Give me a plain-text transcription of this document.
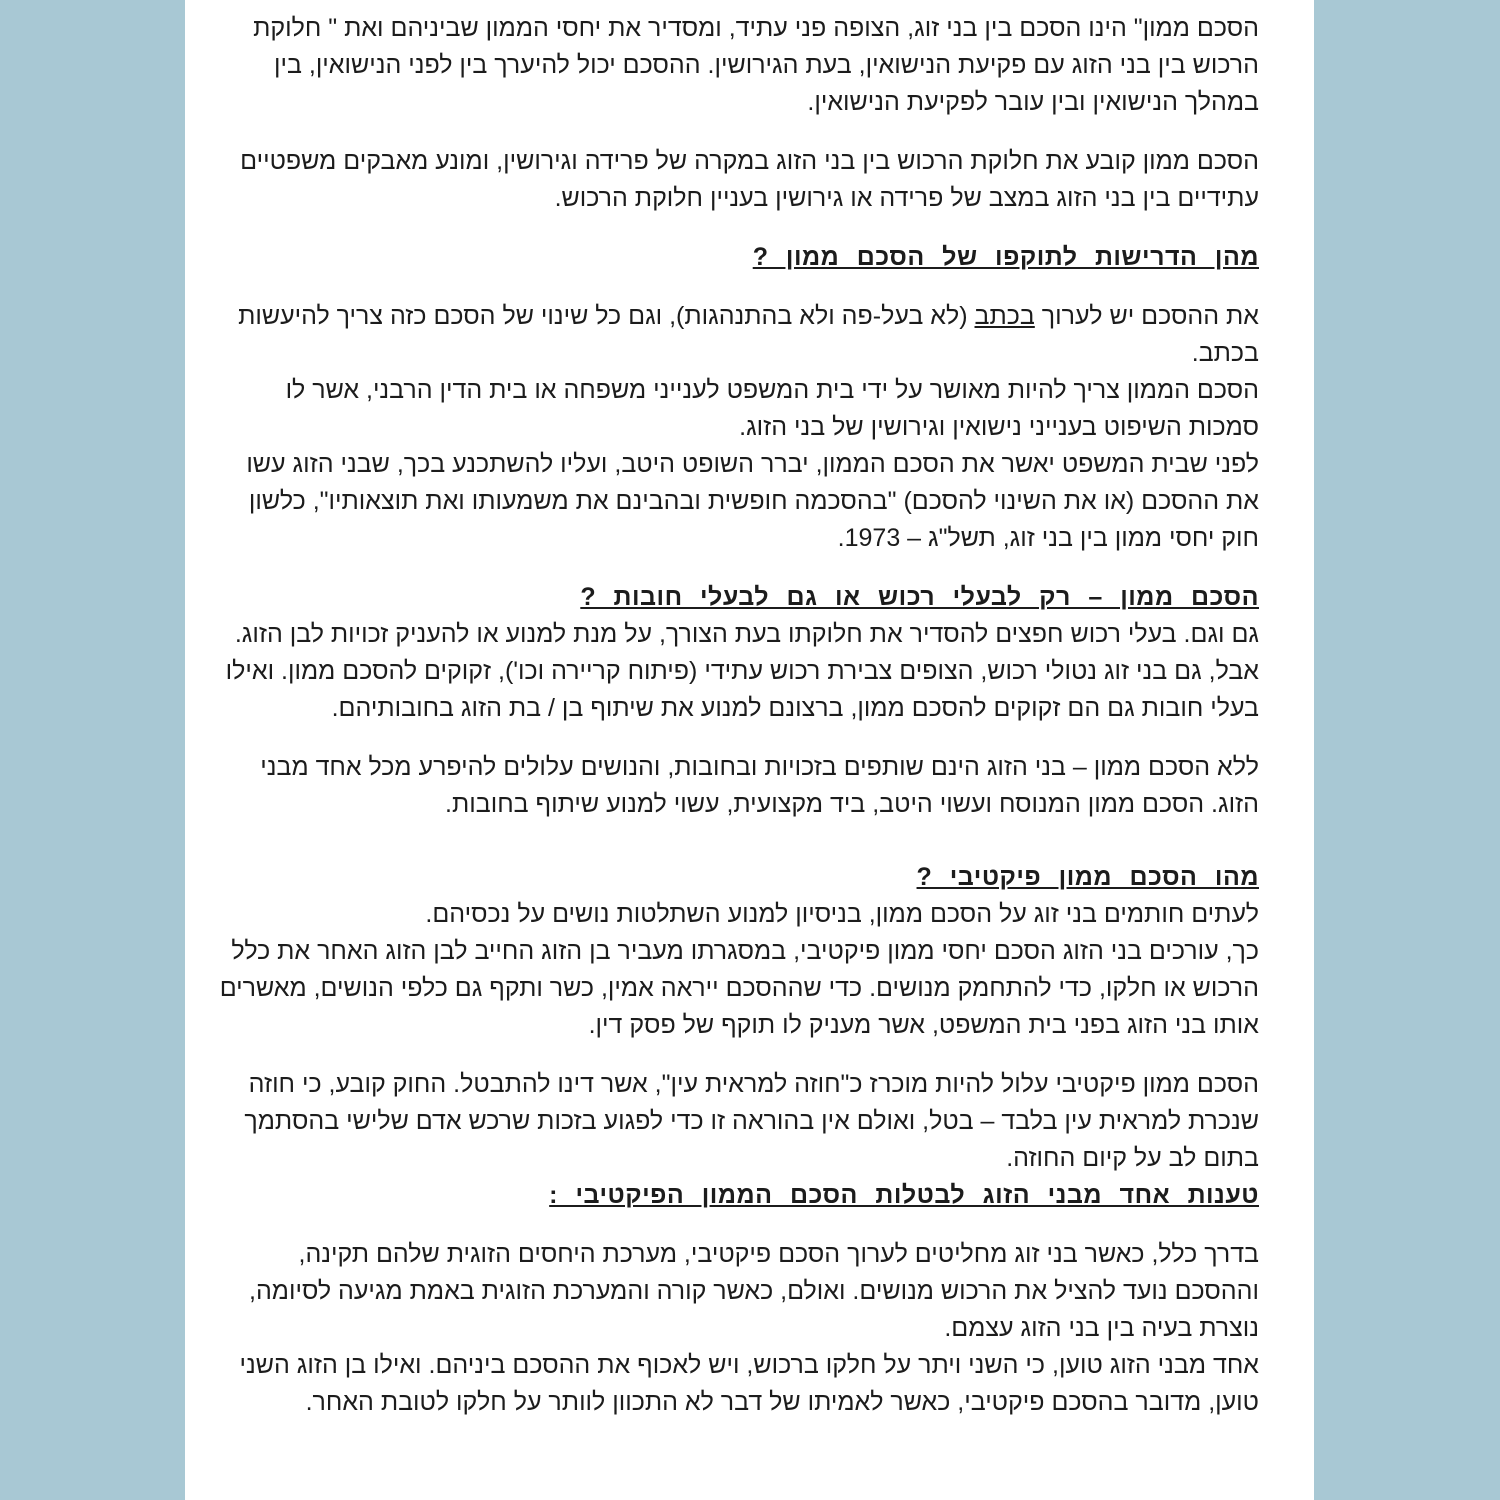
הסכם ממון" הינו הסכם בין בני זוג, הצופה פני עתיד, ומסדיר את יחסי הממון שביניהם ואת " חלוקת הרכוש בין בני הזוג עם פקיעת הנישואין, בעת הגירושין. ההסכם יכול להיערך בין לפני הנישואין, בין במהלך הנישואין ובין עובר לפקיעת הנישואין.

הסכם ממון קובע את חלוקת הרכוש בין בני הזוג במקרה של פרידה וגירושין, ומונע מאבקים משפטיים עתידיים בין בני הזוג במצב של פרידה או גירושין בעניין חלוקת הרכוש.

מהן הדרישות לתוקפו של הסכם ממון ?

את ההסכם יש לערוך בכתב (לא בעל-פה ולא בהתנהגות), וגם כל שינוי של הסכם כזה צריך להיעשות בכתב.

הסכם הממון צריך להיות מאושר על ידי בית המשפט לענייני משפחה או בית הדין הרבני, אשר לו סמכות השיפוט בענייני נישואין וגירושין של בני הזוג.

לפני שבית המשפט יאשר את הסכם הממון, יברר השופט היטב, ועליו להשתכנע בכך, שבני הזוג עשו את ההסכם (או את השינוי להסכם) "בהסכמה חופשית ובהבינם את משמעותו ואת תוצאותיו", כלשון חוק יחסי ממון בין בני זוג, תשל"ג – 1973.

הסכם ממון – רק לבעלי רכוש או גם לבעלי חובות ?

גם וגם. בעלי רכוש חפצים להסדיר את חלוקתו בעת הצורך, על מנת למנוע או להעניק זכויות לבן הזוג. אבל, גם בני זוג נטולי רכוש, הצופים צבירת רכוש עתידי (פיתוח קריירה וכו'), זקוקים להסכם ממון. ואילו בעלי חובות גם הם זקוקים להסכם ממון, ברצונם למנוע את שיתוף בן / בת הזוג בחובותיהם.

ללא הסכם ממון – בני הזוג הינם שותפים בזכויות ובחובות, והנושים עלולים להיפרע מכל אחד מבני הזוג. הסכם ממון המנוסח ועשוי היטב, ביד מקצועית, עשוי למנוע שיתוף בחובות.

מהו הסכם ממון פיקטיבי ?

לעתים חותמים בני זוג על הסכם ממון, בניסיון למנוע השתלטות נושים על נכסיהם.

כך, עורכים בני הזוג הסכם יחסי ממון פיקטיבי, במסגרתו מעביר בן הזוג החייב לבן הזוג האחר את כלל הרכוש או חלקו, כדי להתחמק מנושים. כדי שההסכם ייראה אמין, כשר ותקף גם כלפי הנושים, מאשרים אותו בני הזוג בפני בית המשפט, אשר מעניק לו תוקף של פסק דין.

הסכם ממון פיקטיבי עלול להיות מוכרז כ"חוזה למראית עין", אשר דינו להתבטל. החוק קובע, כי חוזה שנכרת למראית עין בלבד – בטל, ואולם אין בהוראה זו כדי לפגוע בזכות שרכש אדם שלישי בהסתמך בתום לב על קיום החוזה.

טענות אחד מבני הזוג לבטלות הסכם הממון הפיקטיבי :

בדרך כלל, כאשר בני זוג מחליטים לערוך הסכם פיקטיבי, מערכת היחסים הזוגית שלהם תקינה, וההסכם נועד להציל את הרכוש מנושים. ואולם, כאשר קורה והמערכת הזוגית באמת מגיעה לסיומה, נוצרת בעיה בין בני הזוג עצמם.

אחד מבני הזוג טוען, כי השני ויתר על חלקו ברכוש, ויש לאכוף את ההסכם ביניהם. ואילו בן הזוג השני טוען, מדובר בהסכם פיקטיבי, כאשר לאמיתו של דבר לא התכוון לוותר על חלקו לטובת האחר.
